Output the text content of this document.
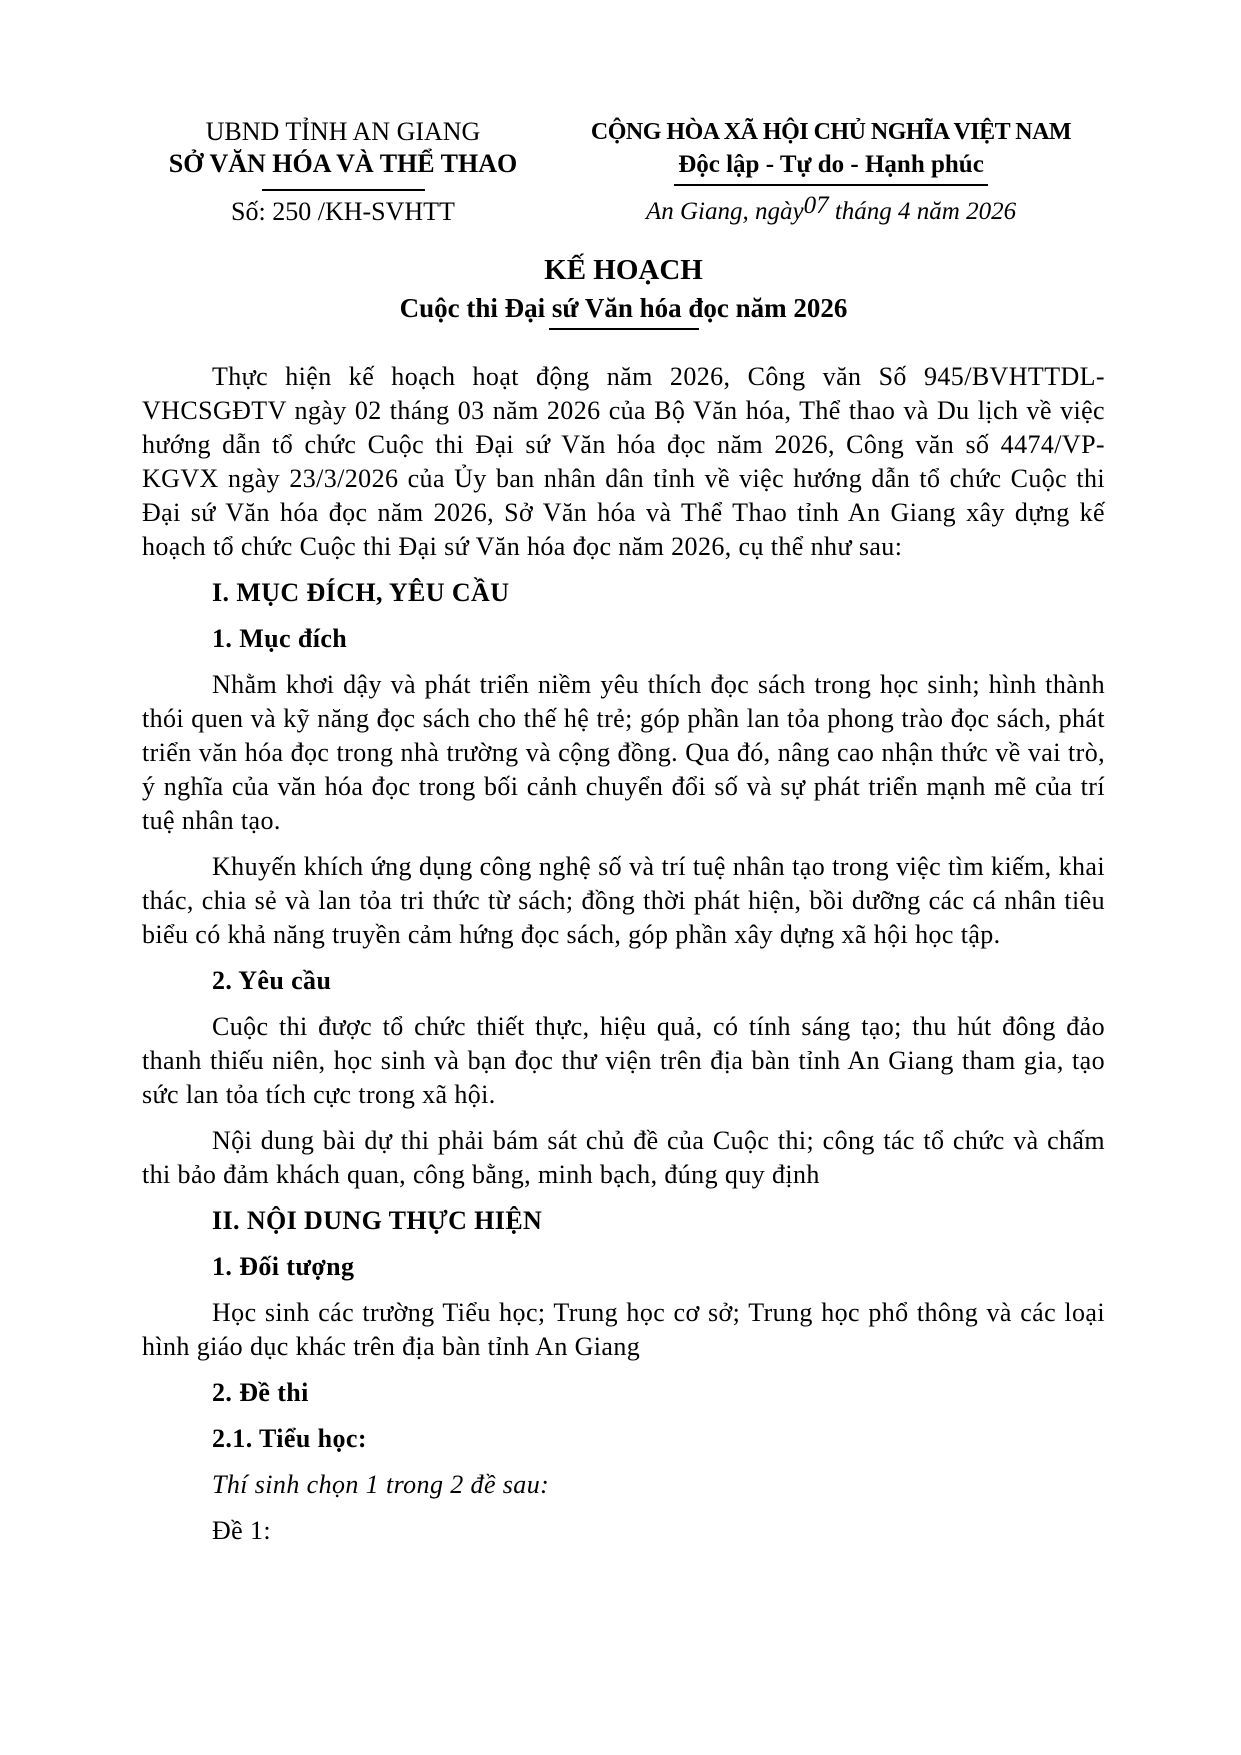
UBND TỈNH AN GIANG
SỞ VĂN HÓA VÀ THỂ THAO
CỘNG HÒA XÃ HỘI CHỦ NGHĨA VIỆT NAM
Độc lập - Tự do - Hạnh phúc
Số: 250 /KH-SVHTT	An Giang, ngày07 tháng 4 năm 2026
KẾ HOẠCH
Cuộc thi Đại sứ Văn hóa đọc năm 2026

Thực hiện kế hoạch hoạt động năm 2026, Công văn Số 945/BVHTTDL-VHCSGĐTV ngày 02 tháng 03 năm 2026 của Bộ Văn hóa, Thể thao và Du lịch về việc hướng dẫn tổ chức Cuộc thi Đại sứ Văn hóa đọc năm 2026, Công văn số 4474/VP-KGVX ngày 23/3/2026 của Ủy ban nhân dân tỉnh về việc hướng dẫn tổ chức Cuộc thi Đại sứ Văn hóa đọc năm 2026, Sở Văn hóa và Thể Thao tỉnh An Giang xây dựng kế hoạch tổ chức Cuộc thi Đại sứ Văn hóa đọc năm 2026, cụ thể như sau:

I. MỤC ĐÍCH, YÊU CẦU

1. Mục đích

Nhằm khơi dậy và phát triển niềm yêu thích đọc sách trong học sinh; hình thành thói quen và kỹ năng đọc sách cho thế hệ trẻ; góp phần lan tỏa phong trào đọc sách, phát triển văn hóa đọc trong nhà trường và cộng đồng. Qua đó, nâng cao nhận thức về vai trò, ý nghĩa của văn hóa đọc trong bối cảnh chuyển đổi số và sự phát triển mạnh mẽ của trí tuệ nhân tạo.

Khuyến khích ứng dụng công nghệ số và trí tuệ nhân tạo trong việc tìm kiếm, khai thác, chia sẻ và lan tỏa tri thức từ sách; đồng thời phát hiện, bồi dưỡng các cá nhân tiêu biểu có khả năng truyền cảm hứng đọc sách, góp phần xây dựng xã hội học tập.

2. Yêu cầu

Cuộc thi được tổ chức thiết thực, hiệu quả, có tính sáng tạo; thu hút đông đảo thanh thiếu niên, học sinh và bạn đọc thư viện trên địa bàn tỉnh An Giang tham gia, tạo sức lan tỏa tích cực trong xã hội.

Nội dung bài dự thi phải bám sát chủ đề của Cuộc thi; công tác tổ chức và chấm thi bảo đảm khách quan, công bằng, minh bạch, đúng quy định

II. NỘI DUNG THỰC HIỆN

1. Đối tượng

Học sinh các trường Tiểu học; Trung học cơ sở; Trung học phổ thông và các loại hình giáo dục khác trên địa bàn tỉnh An Giang

2. Đề thi

2.1. Tiểu học:

Thí sinh chọn 1 trong 2 đề sau:

Đề 1:
